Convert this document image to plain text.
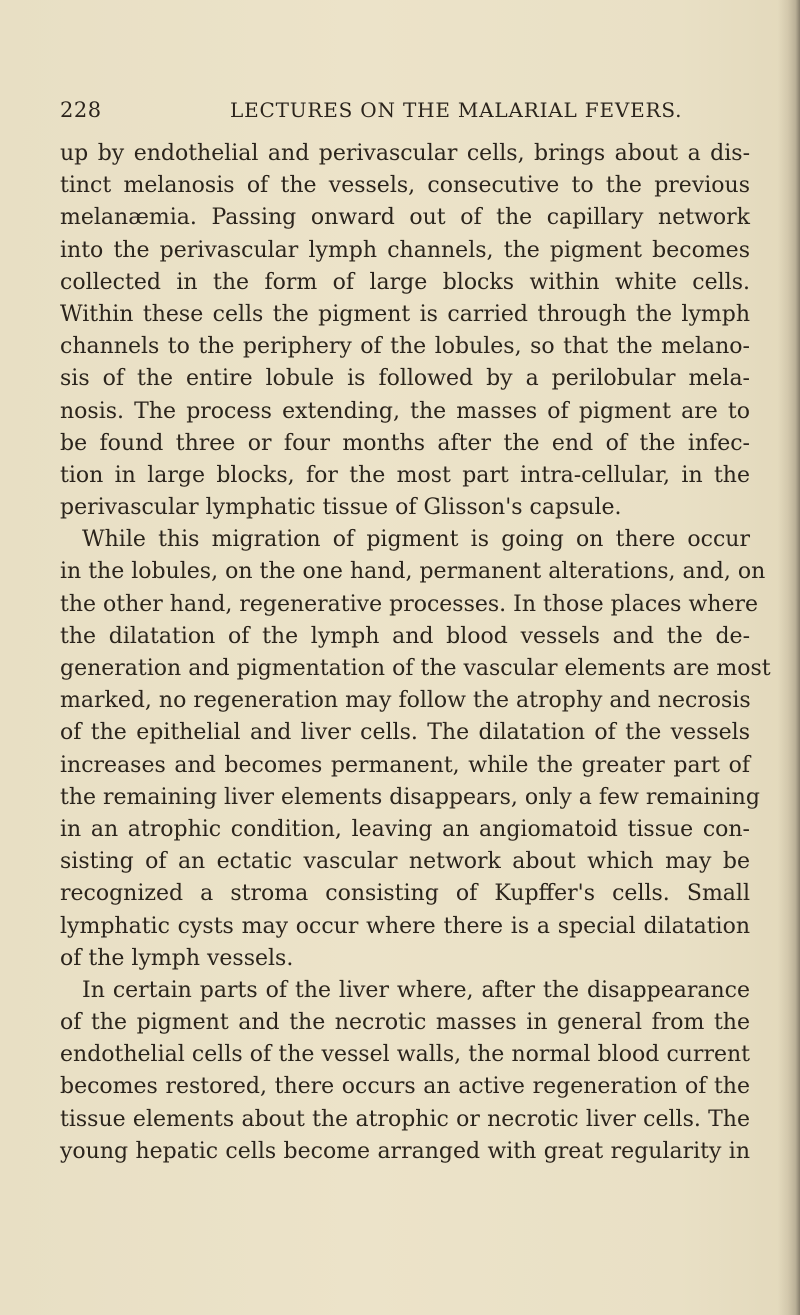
228	LECTURES ON THE MALARIAL FEVERS.
up by endothelial and perivascular cells, brings about a dis-
tinct melanosis of the vessels, consecutive to the previous
melanæmia. Passing onward out of the capillary network
into the perivascular lymph channels, the pigment becomes
collected in the form of large blocks within white cells.
Within these cells the pigment is carried through the lymph
channels to the periphery of the lobules, so that the melano-
sis of the entire lobule is followed by a perilobular mela-
nosis. The process extending, the masses of pigment are to
be found three or four months after the end of the infec-
tion in large blocks, for the most part intra-cellular, in the
perivascular lymphatic tissue of Glisson's capsule.
While this migration of pigment is going on there occur
in the lobules, on the one hand, permanent alterations, and, on
the other hand, regenerative processes. In those places where
the dilatation of the lymph and blood vessels and the de-
generation and pigmentation of the vascular elements are most
marked, no regeneration may follow the atrophy and necrosis
of the epithelial and liver cells. The dilatation of the vessels
increases and becomes permanent, while the greater part of
the remaining liver elements disappears, only a few remaining
in an atrophic condition, leaving an angiomatoid tissue con-
sisting of an ectatic vascular network about which may be
recognized a stroma consisting of Kupffer's cells. Small
lymphatic cysts may occur where there is a special dilatation
of the lymph vessels.
In certain parts of the liver where, after the disappearance
of the pigment and the necrotic masses in general from the
endothelial cells of the vessel walls, the normal blood current
becomes restored, there occurs an active regeneration of the
tissue elements about the atrophic or necrotic liver cells. The
young hepatic cells become arranged with great regularity in
